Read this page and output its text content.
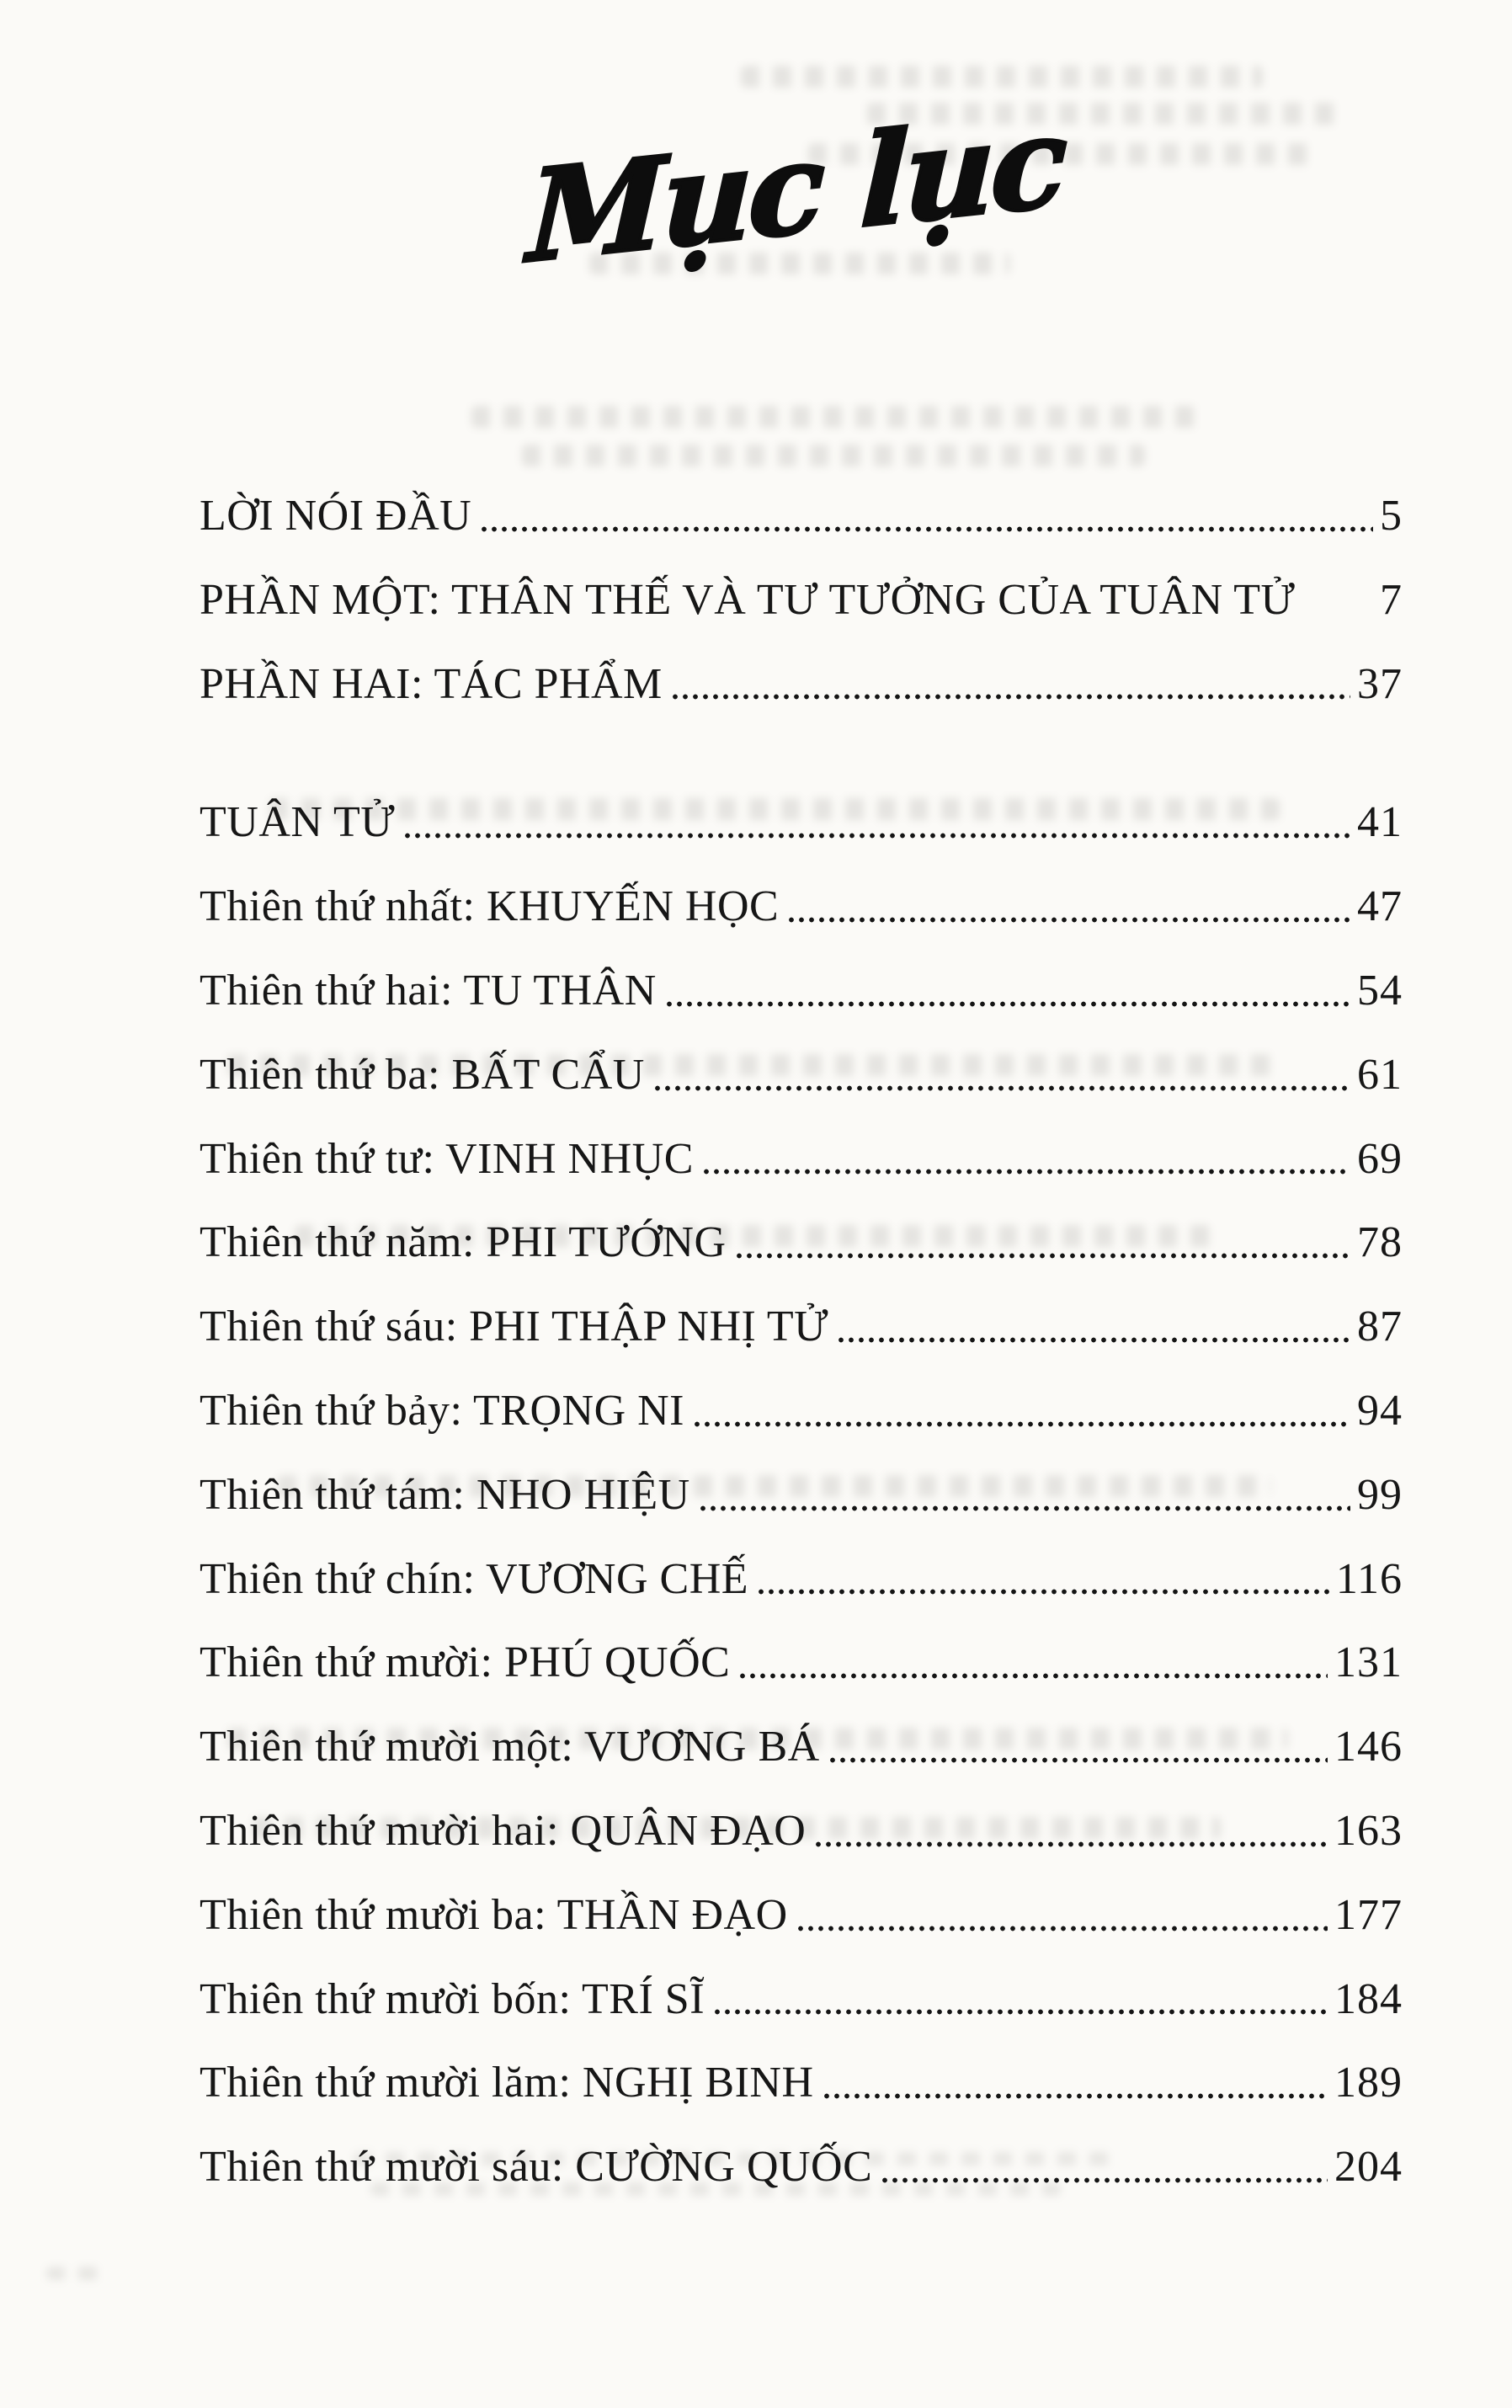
Mục lục
LỜI NÓI ĐẦU	5
PHẦN MỘT: THÂN THẾ VÀ TƯ TƯỞNG CỦA TUÂN TỬ 7
PHẦN HAI: TÁC PHẨM	37
TUÂN TỬ	41
Thiên thứ nhất: KHUYẾN HỌC	47
Thiên thứ hai: TU THÂN	54
Thiên thứ ba: BẤT CẨU	61
Thiên thứ tư: VINH NHỤC	69
Thiên thứ năm: PHI TƯỚNG	78
Thiên thứ sáu: PHI THẬP NHỊ TỬ	87
Thiên thứ bảy: TRỌNG NI	94
Thiên thứ tám: NHO HIỆU	99
Thiên thứ chín: VƯƠNG CHẾ	116
Thiên thứ mười: PHÚ QUỐC	131
Thiên thứ mười một: VƯƠNG BÁ	146
Thiên thứ mười hai: QUÂN ĐẠO	163
Thiên thứ mười ba: THẦN ĐẠO	177
Thiên thứ mười bốn: TRÍ SĨ	184
Thiên thứ mười lăm: NGHỊ BINH	189
Thiên thứ mười sáu: CƯỜNG QUỐC	204
